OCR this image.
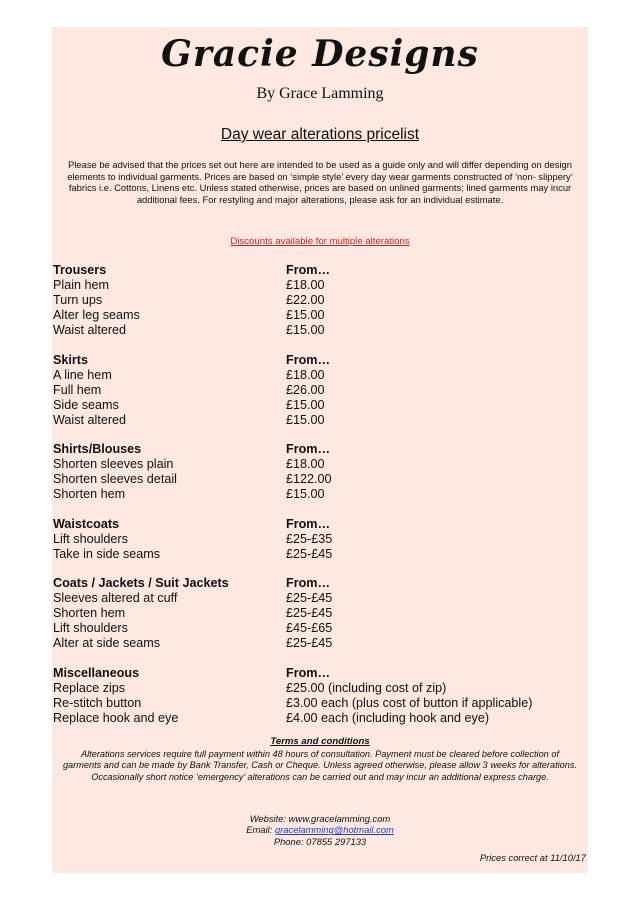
Gracie Designs
By Grace Lamming
Day wear alterations pricelist
Please be advised that the prices set out here are intended to be used as a guide only and will differ depending on design elements to individual garments. Prices are based on ‘simple style’ every day wear garments constructed of ‘non- slippery’ fabrics i.e. Cottons, Linens etc. Unless stated otherwise, prices are based on unlined garments; lined garments may incur additional fees. For restyling and major alterations, please ask for an individual estimate.
Discounts available for multiple alterations
Trousers	From…
Plain hem	£18.00
Turn ups	£22.00
Alter leg seams	£15.00
Waist altered	£15.00
Skirts	From…
A line hem	£18.00
Full hem	£26.00
Side seams	£15.00
Waist altered	£15.00
Shirts/Blouses	From…
Shorten sleeves plain	£18.00
Shorten sleeves detail	£122.00
Shorten hem	£15.00
Waistcoats	From…
Lift shoulders	£25-£35
Take in side seams	£25-£45
Coats / Jackets / Suit Jackets	From…
Sleeves altered at cuff	£25-£45
Shorten hem	£25-£45
Lift shoulders	£45-£65
Alter at side seams	£25-£45
Miscellaneous	From…
Replace zips	£25.00 (including cost of zip)
Re-stitch button	£3.00 each (plus cost of button if applicable)
Replace hook and eye	£4.00 each (including hook and eye)
Terms and conditions
Alterations services require full payment within 48 hours of consultation. Payment must be cleared before collection of garments and can be made by Bank Transfer, Cash or Cheque. Unless agreed otherwise, please allow 3 weeks for alterations. Occasionally short notice ‘emergency’ alterations can be carried out and may incur an additional express charge.
Website: www.gracelamming.com
Email: gracelamming@hotmail.com
Phone: 07855 297133
Prices correct at 11/10/17
